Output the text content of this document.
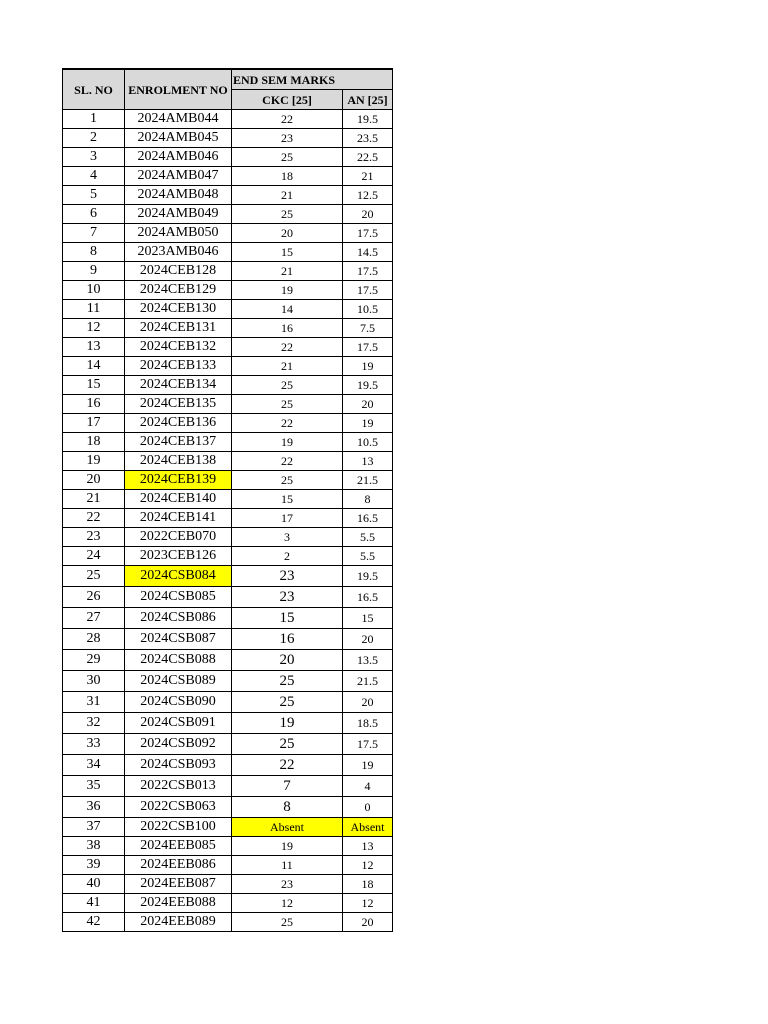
SL. NO	ENROLMENT NO	END SEM MARKS	
		CKC [25]	AN [25]
1	2024AMB044	22	19.5
2	2024AMB045	23	23.5
3	2024AMB046	25	22.5
4	2024AMB047	18	21
5	2024AMB048	21	12.5
6	2024AMB049	25	20
7	2024AMB050	20	17.5
8	2023AMB046	15	14.5
9	2024CEB128	21	17.5
10	2024CEB129	19	17.5
11	2024CEB130	14	10.5
12	2024CEB131	16	7.5
13	2024CEB132	22	17.5
14	2024CEB133	21	19
15	2024CEB134	25	19.5
16	2024CEB135	25	20
17	2024CEB136	22	19
18	2024CEB137	19	10.5
19	2024CEB138	22	13
20	2024CEB139	25	21.5
21	2024CEB140	15	8
22	2024CEB141	17	16.5
23	2022CEB070	3	5.5
24	2023CEB126	2	5.5
25	2024CSB084	23	19.5
26	2024CSB085	23	16.5
27	2024CSB086	15	15
28	2024CSB087	16	20
29	2024CSB088	20	13.5
30	2024CSB089	25	21.5
31	2024CSB090	25	20
32	2024CSB091	19	18.5
33	2024CSB092	25	17.5
34	2024CSB093	22	19
35	2022CSB013	7	4
36	2022CSB063	8	0
37	2022CSB100	Absent	Absent
38	2024EEB085	19	13
39	2024EEB086	11	12
40	2024EEB087	23	18
41	2024EEB088	12	12
42	2024EEB089	25	20
